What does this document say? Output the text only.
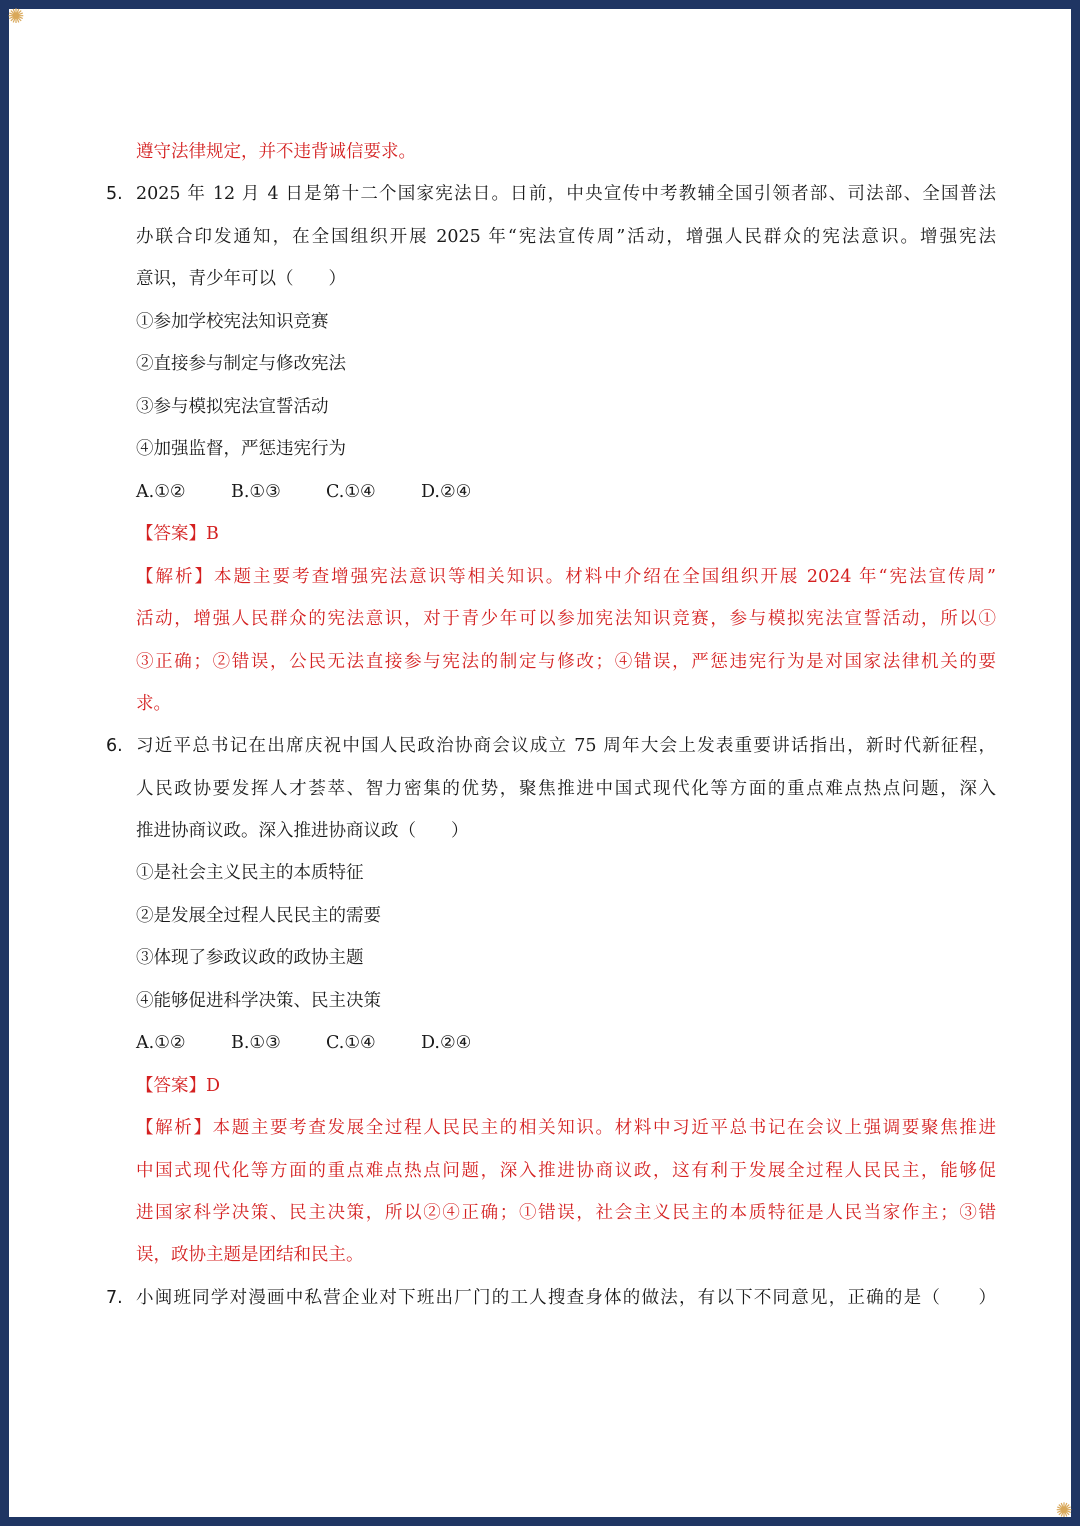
✺
✺
遵守法律规定，并不违背诚信要求。
5. 2025 年 12 月 4 日是第十二个国家宪法日。日前，中央宣传中考教辅全国引领者部、司法部、全国普法
办联合印发通知，在全国组织开展 2025 年“宪法宣传周”活动，增强人民群众的宪法意识。增强宪法
意识，青少年可以（　　）
①参加学校宪法知识竞赛
②直接参与制定与修改宪法
③参与模拟宪法宣誓活动
④加强监督，严惩违宪行为
A.①②	B.①③	C.①④	D.②④
【答案】B
【解析】本题主要考查增强宪法意识等相关知识。材料中介绍在全国组织开展 2024 年“宪法宣传周”
活动，增强人民群众的宪法意识，对于青少年可以参加宪法知识竞赛，参与模拟宪法宣誓活动，所以①
③正确；②错误，公民无法直接参与宪法的制定与修改；④错误，严惩违宪行为是对国家法律机关的要
求。
6. 习近平总书记在出席庆祝中国人民政治协商会议成立 75 周年大会上发表重要讲话指出，新时代新征程，
人民政协要发挥人才荟萃、智力密集的优势，聚焦推进中国式现代化等方面的重点难点热点问题，深入
推进协商议政。深入推进协商议政（　　）
①是社会主义民主的本质特征
②是发展全过程人民民主的需要
③体现了参政议政的政协主题
④能够促进科学决策、民主决策
A.①②	B.①③	C.①④	D.②④
【答案】D
【解析】本题主要考查发展全过程人民民主的相关知识。材料中习近平总书记在会议上强调要聚焦推进
中国式现代化等方面的重点难点热点问题，深入推进协商议政，这有利于发展全过程人民民主，能够促
进国家科学决策、民主决策，所以②④正确；①错误，社会主义民主的本质特征是人民当家作主；③错
误，政协主题是团结和民主。
7. 小闽班同学对漫画中私营企业对下班出厂门的工人搜查身体的做法，有以下不同意见，正确的是（　　）
